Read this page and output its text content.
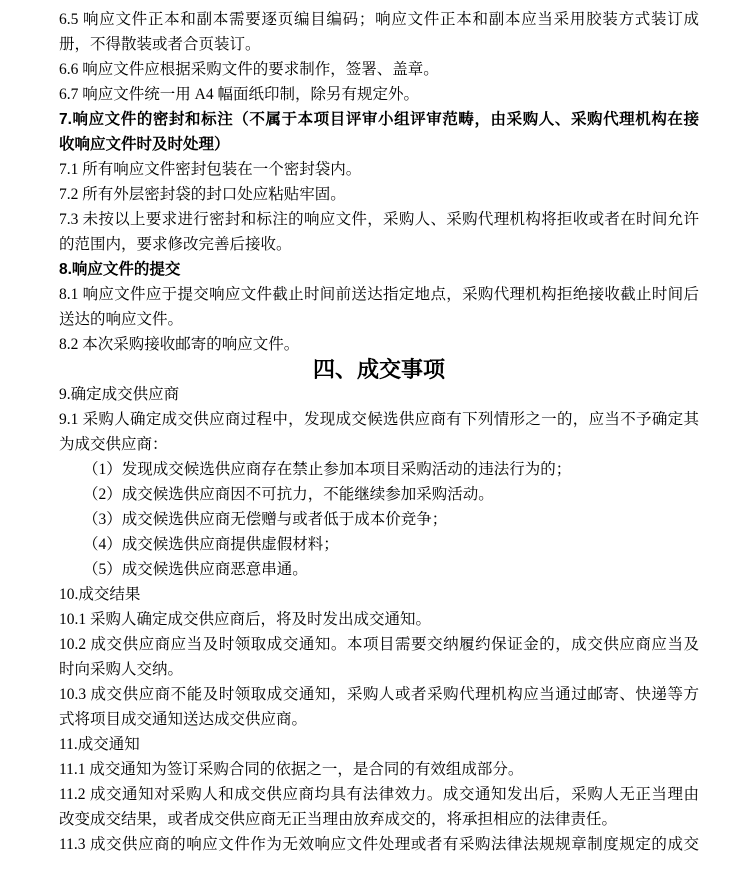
6.5 响应文件正本和副本需要逐页编目编码；响应文件正本和副本应当采用胶装方式装订成
册，不得散装或者合页装订。
6.6 响应文件应根据采购文件的要求制作，签署、盖章。
6.7 响应文件统一用 A4 幅面纸印制，除另有规定外。
7.响应文件的密封和标注（不属于本项目评审小组评审范畴，由采购人、采购代理机构在接
收响应文件时及时处理）
7.1 所有响应文件密封包装在一个密封袋内。
7.2 所有外层密封袋的封口处应粘贴牢固。
7.3 未按以上要求进行密封和标注的响应文件，采购人、采购代理机构将拒收或者在时间允许
的范围内，要求修改完善后接收。
8.响应文件的提交
8.1 响应文件应于提交响应文件截止时间前送达指定地点，采购代理机构拒绝接收截止时间后
送达的响应文件。
8.2 本次采购接收邮寄的响应文件。
四、成交事项
9.确定成交供应商
9.1 采购人确定成交供应商过程中，发现成交候选供应商有下列情形之一的，应当不予确定其
为成交供应商：
（1）发现成交候选供应商存在禁止参加本项目采购活动的违法行为的；
（2）成交候选供应商因不可抗力，不能继续参加采购活动。
（3）成交候选供应商无偿赠与或者低于成本价竞争；
（4）成交候选供应商提供虚假材料；
（5）成交候选供应商恶意串通。
10.成交结果
10.1 采购人确定成交供应商后，将及时发出成交通知。
10.2 成交供应商应当及时领取成交通知。本项目需要交纳履约保证金的，成交供应商应当及
时向采购人交纳。
10.3 成交供应商不能及时领取成交通知，采购人或者采购代理机构应当通过邮寄、快递等方
式将项目成交通知送达成交供应商。
11.成交通知
11.1 成交通知为签订采购合同的依据之一，是合同的有效组成部分。
11.2 成交通知对采购人和成交供应商均具有法律效力。成交通知发出后，采购人无正当理由
改变成交结果，或者成交供应商无正当理由放弃成交的，将承担相应的法律责任。
11.3 成交供应商的响应文件作为无效响应文件处理或者有采购法律法规规章制度规定的成交
